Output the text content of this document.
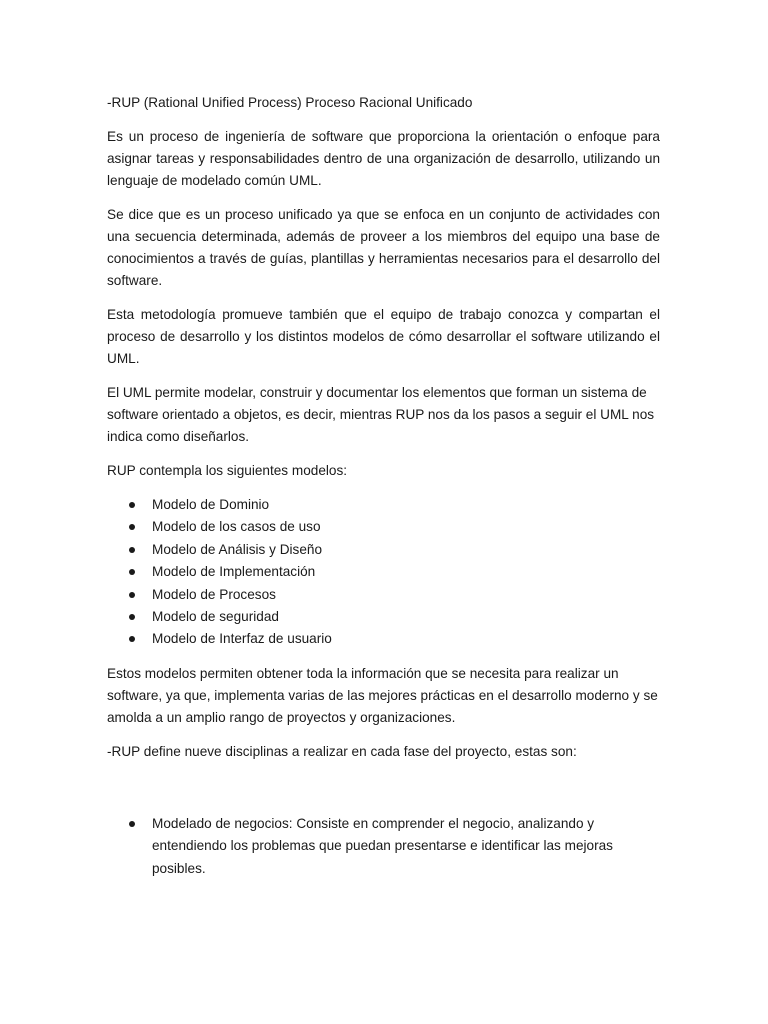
-RUP (Rational Unified Process) Proceso Racional Unificado

Es un proceso de ingeniería de software que proporciona la orientación o enfoque para asignar tareas y responsabilidades dentro de una organización de desarrollo, utilizando un lenguaje de modelado común UML.

Se dice que es un proceso unificado ya que se enfoca en un conjunto de actividades con una secuencia determinada, además de proveer a los miembros del equipo una base de conocimientos a través de guías, plantillas y herramientas necesarios para el desarrollo del software.

Esta metodología promueve también que el equipo de trabajo conozca y compartan el proceso de desarrollo y los distintos modelos de cómo desarrollar el software utilizando el UML.

El UML permite modelar, construir y documentar los elementos que forman un sistema de software orientado a objetos, es decir, mientras RUP nos da los pasos a seguir el UML nos indica como diseñarlos.

RUP contempla los siguientes modelos:

Modelo de Dominio
Modelo de los casos de uso
Modelo de Análisis y Diseño
Modelo de Implementación
Modelo de Procesos
Modelo de seguridad
Modelo de Interfaz de usuario

Estos modelos permiten obtener toda la información que se necesita para realizar un software, ya que, implementa varias de las mejores prácticas en el desarrollo moderno y se amolda a un amplio rango de proyectos y organizaciones.

-RUP define nueve disciplinas a realizar en cada fase del proyecto, estas son:

Modelado de negocios: Consiste en comprender el negocio, analizando y entendiendo los problemas que puedan presentarse e identificar las mejoras posibles.
